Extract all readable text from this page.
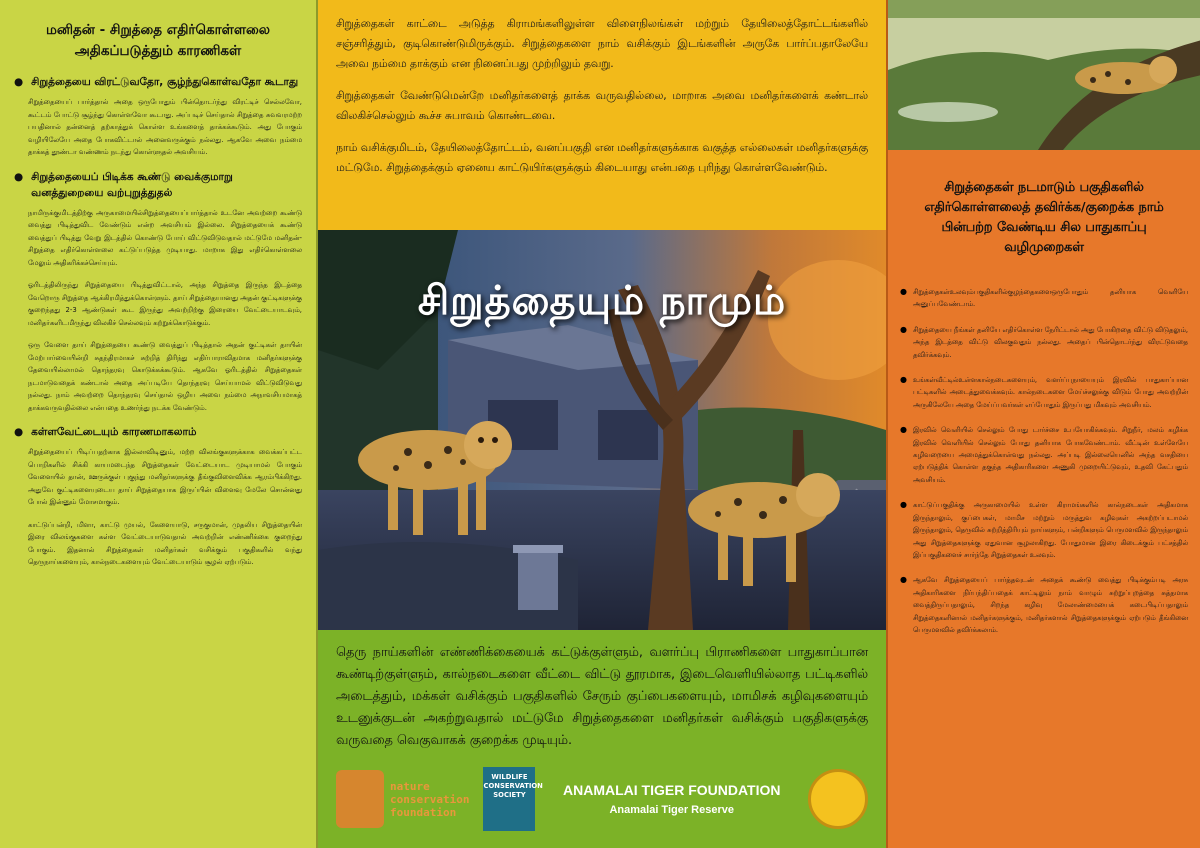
மனிதன் - சிறுத்தை எதிர்கொள்ளலை அதிகப்படுத்தும் காரணிகள்
● சிறுத்தையை விரட்டுவதோ, சூழ்ந்துகொள்வதோ கூடாது

சிறுத்தையைப் பார்த்தால் அதை ஒருபோதும் பின்தொடர்ந்து விரட்டிச் செல்லவோ, கூட்டம் போட்டு சூழ்ந்து கொள்ளவோ கூடாது. அப்படிச் செய்தால் சிறுத்தை சுவவரமற்ற பயதினால் தன்னைத் தற்காத்துக் கொள்ள உங்களைத் தாக்கக்கூடும். அது போகும் வழியிலேயே அதை போகவிட்டால் அனைவருக்கும் நல்லது. ஆகவே அவை நம்மை தாக்கத் தூண்டா வண்ணம் நடந்து கொள்ளுதல் அவசியம்.

● சிறுத்தையைப் பிடிக்க கூண்டு வைக்குமாறு வனத்துறையை வற்புறுத்துதல்

நாமிருக்குமிடத்திற்கு அருகாமையில்சிறுத்தையைப்பார்த்தால் உடனே அவற்றை கூண்டு வைத்து பிடித்துவிட வேண்டும் என்ற அவசியம் இல்லை. சிறுத்தையைக் கூண்டு வைத்துப் பிடித்து வேறு இடத்தில் கொண்டு போய் விட்டுவிடுவதால் மட்டுமே மனிதன்-சிறுத்தை எதிர்கொள்ளலை கட்டுப்படுத்த முடியாது. மாறாக இது எதிர்கொள்ளலை மேலும் அதிகரிக்கச்செய்யும்.

ஓரிடத்திலிருந்து சிறுத்தையை பிடித்துவிட்டால், அந்த சிறுத்தை இருந்த இடத்தை வேறொரு சிறுத்தை ஆக்கிரமித்துக்கொள்ளும். தாய் சிறுத்தையானது அதன் குட்டிகளுக்கு குறைந்தது 2-3 ஆண்டுகள் கூட இருந்து அவற்றிற்கு இரையை வேட்டையாடவும், மனிதர்களிடமிருந்து விலகிச் செல்லவும் கற்றுக்கொடுக்கும்.

ஒரு வேளை தாய் சிறுத்தையை கூண்டு வைத்துப் பிடித்தால் அதன் குட்டிகள் தாயின் மேற்பார்வையின்றி சுதந்திரமாகச் சுற்றித் திரிந்து எதிர்பாராவிதமாக மனிதர்களுக்கு தேவையில்லாமல் தொந்தரவு கொடுக்கக்கூடும். ஆகவே ஓரிடத்தில் சிறுத்தைகள் நடமாடுவதைக் கண்டால் அதை அப்படியே தொந்தரவு செய்யாமல் விட்டுவிடுவது நல்லது. நாம் அவற்றை தொந்தரவு செய்தால் ஒழிய அவை நம்மை அநாவசியமாகத் தாக்கவருவதில்லை என்பதை உணர்ந்து நடக்க வேண்டும்.

● கள்ளவேட்டையும் காரணமாகலாம்

சிறுத்தையைப் பிடிப்பதற்காக இல்லாவிடினும், மற்ற விலங்குகளுக்காக வைக்கப்பட்ட பொறிகளில் சிக்கி காயமடைந்த சிறுத்தைகள் வேட்டையாட முடியாமல் போகும் வேளையில் தான், ஊருக்குள் புகுந்து மனிதர்களுக்கு தீங்குவிளைவிக்க ஆரம்பிக்கிறது. அதுவே குட்டிகளையுடைய தாய் சிறுத்தையாக இருப்பின் விளைவு மேலே சொன்னது போல் இன்னும் மோசமாகும்.

காட்டுப்பன்றி, மிளா, காட்டு முயல், கேளையாடு, சருகுமான், முதலிய சிறுத்தையின் இரை விலங்குகளை கள்ள வேட்டையாடுவதால் அவற்றின் எண்ணிக்கை குறைந்து போகும். இதனால் சிறுத்தைகள் மனிதர்கள் வசிக்கும் பகுதிகளில் வந்து தெருநாய்களையும், கால்நடைகளையும் வேட்டையாடும் சூழல் ஏற்படும்.

சிறுத்தைகள் காட்டை அடுத்த கிராமங்களிலுள்ள விளைநிலங்கள் மற்றும் தேயிலைத்தோட்டங்களில் சஞ்சரித்தும், குடிகொண்டுமிருக்கும். சிறுத்தைகளை நாம் வசிக்கும் இடங்களின் அருகே பார்ப்பதாலேயே அவை நம்மை தாக்கும் என நினைப்பது முற்றிலும் தவறு.

சிறுத்தைகள் வேண்டுமென்றே மனிதர்களைத் தாக்க வருவதில்லை, மாறாக அவை மனிதர்களைக் கண்டால் விலகிச்செல்லும் கூச்ச சுபாவம் கொண்டவை.

நாம் வசிக்குமிடம், தேயிலைத்தோட்டம், வனப்பகுதி என மனிதர்களுக்காக வகுத்த எல்லைகள் மனிதர்களுக்கு மட்டுமே. சிறுத்தைக்கும் ஏனைய காட்டுயிர்களுக்கும் கிடையாது என்பதை புரிந்து கொள்ளவேண்டும்.

சிறுத்தையும் நாமும்

தெரு நாய்களின் எண்ணிக்கையைக் கட்டுக்குள்ளும், வளர்ப்பு பிராணிகளை பாதுகாப்பான கூண்டிற்குள்ளும், கால்நடைகளை வீட்டை விட்டு தூரமாக, இடைவெளியில்லாத பட்டிகளில் அடைத்தும், மக்கள் வசிக்கும் பகுதிகளில் சேரும் குப்பைகளையும், மாமிசக் கழிவுகளையும் உடனுக்குடன் அகற்றுவதால் மட்டுமே சிறுத்தைகளை மனிதர்கள் வசிக்கும் பகுதிகளுக்கு வருவதை வெகுவாகக் குறைக்க முடியும்.

nature
conservation
foundation
WILDLIFE
CONSERVATION
SOCIETY	ANAMALAI TIGER FOUNDATION
Anamalai Tiger Reserve
சிறுத்தைகள் நடமாடும் பகுதிகளில் எதிர்கொள்ளலைத் தவிர்க்க/குறைக்க நாம் பின்பற்ற வேண்டிய சில பாதுகாப்பு வழிமுறைகள்
● சிறுத்தைகள்உலவும்பகுதிகளில்குழந்தைகளைஒருபோதும் தனியாக வெளியே அனுப்பவேண்டாம்.
● சிறுத்தையை நீங்கள் தனியே எதிர்கொள்ள நேரிட்டால் அது போகிறதை விட்டு விடுதலும், அந்த இடத்தை விட்டு விலகுவதும் நல்லது. அதைப் பின்தொடர்ந்து விரட்டுவதை தவிர்க்கவும்.
● உங்கள்வீட்டில்உள்ளகால்நடைகளையும், வளர்ப்புநாயையும் இரவில் பாதுகாப்பான பட்டிகளில் அடைத்துவைக்கவும். கால்நடைகளை மேய்ச்சலுக்கு விடும் போது அவற்றின் அருகிலேயே அதை மேய்ப்பவர்கள் எப்போதும் இருப்பது மிகவும் அவசியம்.
● இரவில் வெளியில் செல்லும் போது டார்ச்சை உபயோகிக்கவும். சிறுநீர், மலம் கழிக்க இரவில் வெளியில் செல்லும் போது தனியாக போகவேண்டாம். வீட்டின் உள்ளேயே கழிவறையை அமைத்துக்கொள்வது நல்லது. அப்படி இல்லையெனில் அந்த வசதியை ஏற்படுத்திக் கொள்ள தகுந்த அதிகாரிகளை அணுகி முறையிட்டுவும், உதவி கேட்பதும் அவசியம்.
● காட்டுப்பகுதிக்கு அருகாமையில் உள்ள கிராமங்களில் கால்நடைகள் அதிகமாக இருந்தாலும், குப்பைகள், மாமிச மற்றும் மருத்துவ கழிவுகள் அகற்றப்படாமல் இருந்தாலும், தெருவில் சுற்றித்திரியும் நாய்களும், பன்றிகளும் பெருமளவில் இருந்தாலும் அது சிறுத்தைகளுக்கு ஏதுவான சூழலாகிறது. போதுமான இரை கிடைக்கும் பட்சத்தில் இப்பகுதிகளைச் சார்ந்தே சிறுத்தைகள் உலவும்.
● ஆகவே சிறுத்தையைப் பார்த்தவுடன் அதைக் கூண்டு வைத்து பிடிக்கும்படி அரசு அதிகாரிகளை நிர்பந்திப்பதைக் காட்டிலும் நாம் வாழும் சுற்றுப்புறத்தை சுத்தமாக வைத்திருப்பதாலும், சிறந்த கழிவு மேலாண்மையைக் கடைபிடிப்பதாலும் சிறுத்தைகளினால் மனிதர்களுக்கும், மனிதர்களால் சிறுத்தைகளுக்கும் ஏற்படும் தீங்கினை பெருமளவில் தவிர்க்கலாம்.
